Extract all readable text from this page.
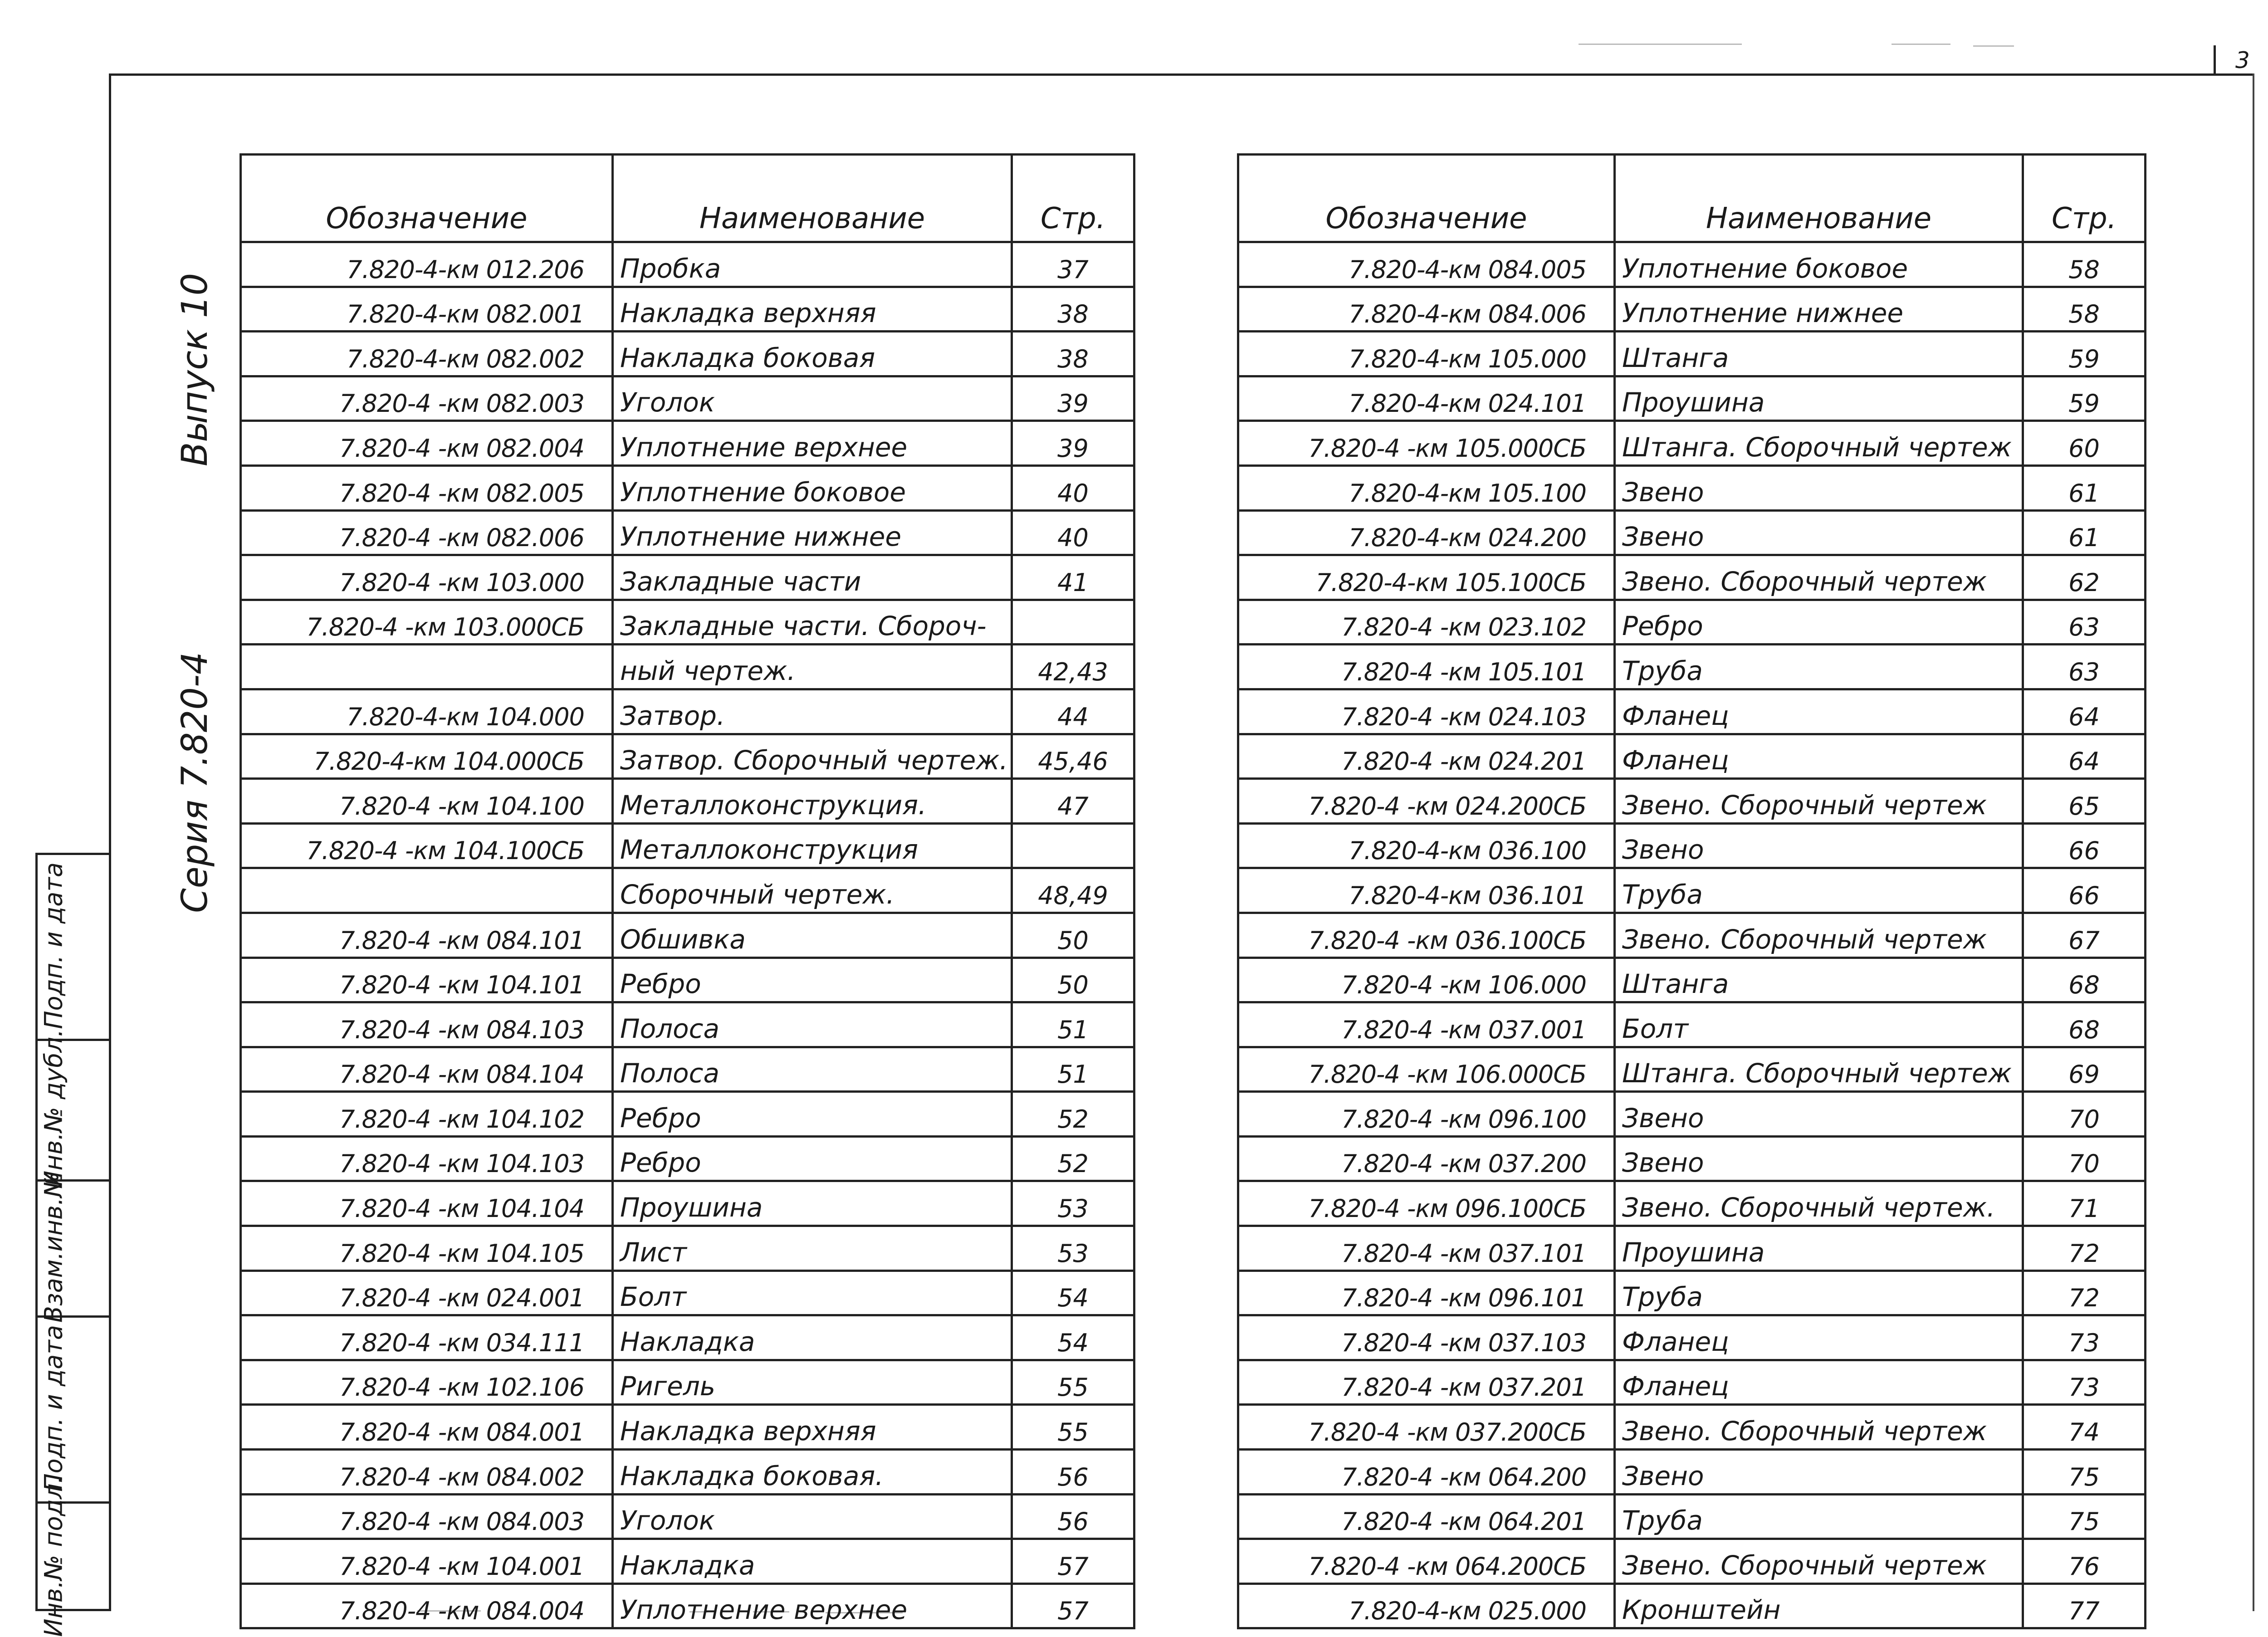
3
Выпуск 10
Серия 7.820-4
Подп. и дата
Инв.№ дубл.
Взам.инв.№
Подп. и дата
Инв.№ подл.
Обозначение	Наименование	Стр.
7.820-4-км 012.206	Пробка	37
7.820-4-км 082.001	Накладка верхняя	38
7.820-4-км 082.002	Накладка боковая	38
7.820-4 -км 082.003	Уголок	39
7.820-4 -км 082.004	Уплотнение верхнее	39
7.820-4 -км 082.005	Уплотнение боковое	40
7.820-4 -км 082.006	Уплотнение нижнее	40
7.820-4 -км 103.000	Закладные части	41
7.820-4 -км 103.000СБ	Закладные части. Сбороч-	
	ный чертеж.	42,43
7.820-4-км 104.000	Затвор.	44
7.820-4-км 104.000СБ	Затвор. Сборочный чертеж.	45,46
7.820-4 -км 104.100	Металлоконструкция.	47
7.820-4 -км 104.100СБ	Металлоконструкция	
	Сборочный чертеж.	48,49
7.820-4 -км 084.101	Обшивка	50
7.820-4 -км 104.101	Ребро	50
7.820-4 -км 084.103	Полоса	51
7.820-4 -км 084.104	Полоса	51
7.820-4 -км 104.102	Ребро	52
7.820-4 -км 104.103	Ребро	52
7.820-4 -км 104.104	Проушина	53
7.820-4 -км 104.105	Лист	53
7.820-4 -км 024.001	Болт	54
7.820-4 -км 034.111	Накладка	54
7.820-4 -км 102.106	Ригель	55
7.820-4 -км 084.001	Накладка верхняя	55
7.820-4 -км 084.002	Накладка боковая.	56
7.820-4 -км 084.003	Уголок	56
7.820-4 -км 104.001	Накладка	57
7.820-4 -км 084.004	Уплотнение верхнее	57
Обозначение	Наименование	Стр.
7.820-4-км 084.005	Уплотнение боковое	58
7.820-4-км 084.006	Уплотнение нижнее	58
7.820-4-км 105.000	Штанга	59
7.820-4-км 024.101	Проушина	59
7.820-4 -км 105.000СБ	Штанга. Сборочный чертеж	60
7.820-4-км 105.100	Звено	61
7.820-4-км 024.200	Звено	61
7.820-4-км 105.100СБ	Звено. Сборочный чертеж	62
7.820-4 -км 023.102	Ребро	63
7.820-4 -км 105.101	Труба	63
7.820-4 -км 024.103	Фланец	64
7.820-4 -км 024.201	Фланец	64
7.820-4 -км 024.200СБ	Звено. Сборочный чертеж	65
7.820-4-км 036.100	Звено	66
7.820-4-км 036.101	Труба	66
7.820-4 -км 036.100СБ	Звено. Сборочный чертеж	67
7.820-4 -км 106.000	Штанга	68
7.820-4 -км 037.001	Болт	68
7.820-4 -км 106.000СБ	Штанга. Сборочный чертеж	69
7.820-4 -км 096.100	Звено	70
7.820-4 -км 037.200	Звено	70
7.820-4 -км 096.100СБ	Звено. Сборочный чертеж.	71
7.820-4 -км 037.101	Проушина	72
7.820-4 -км 096.101	Труба	72
7.820-4 -км 037.103	Фланец	73
7.820-4 -км 037.201	Фланец	73
7.820-4 -км 037.200СБ	Звено. Сборочный чертеж	74
7.820-4 -км 064.200	Звено	75
7.820-4 -км 064.201	Труба	75
7.820-4 -км 064.200СБ	Звено. Сборочный чертеж	76
7.820-4-км 025.000	Кронштейн	77
